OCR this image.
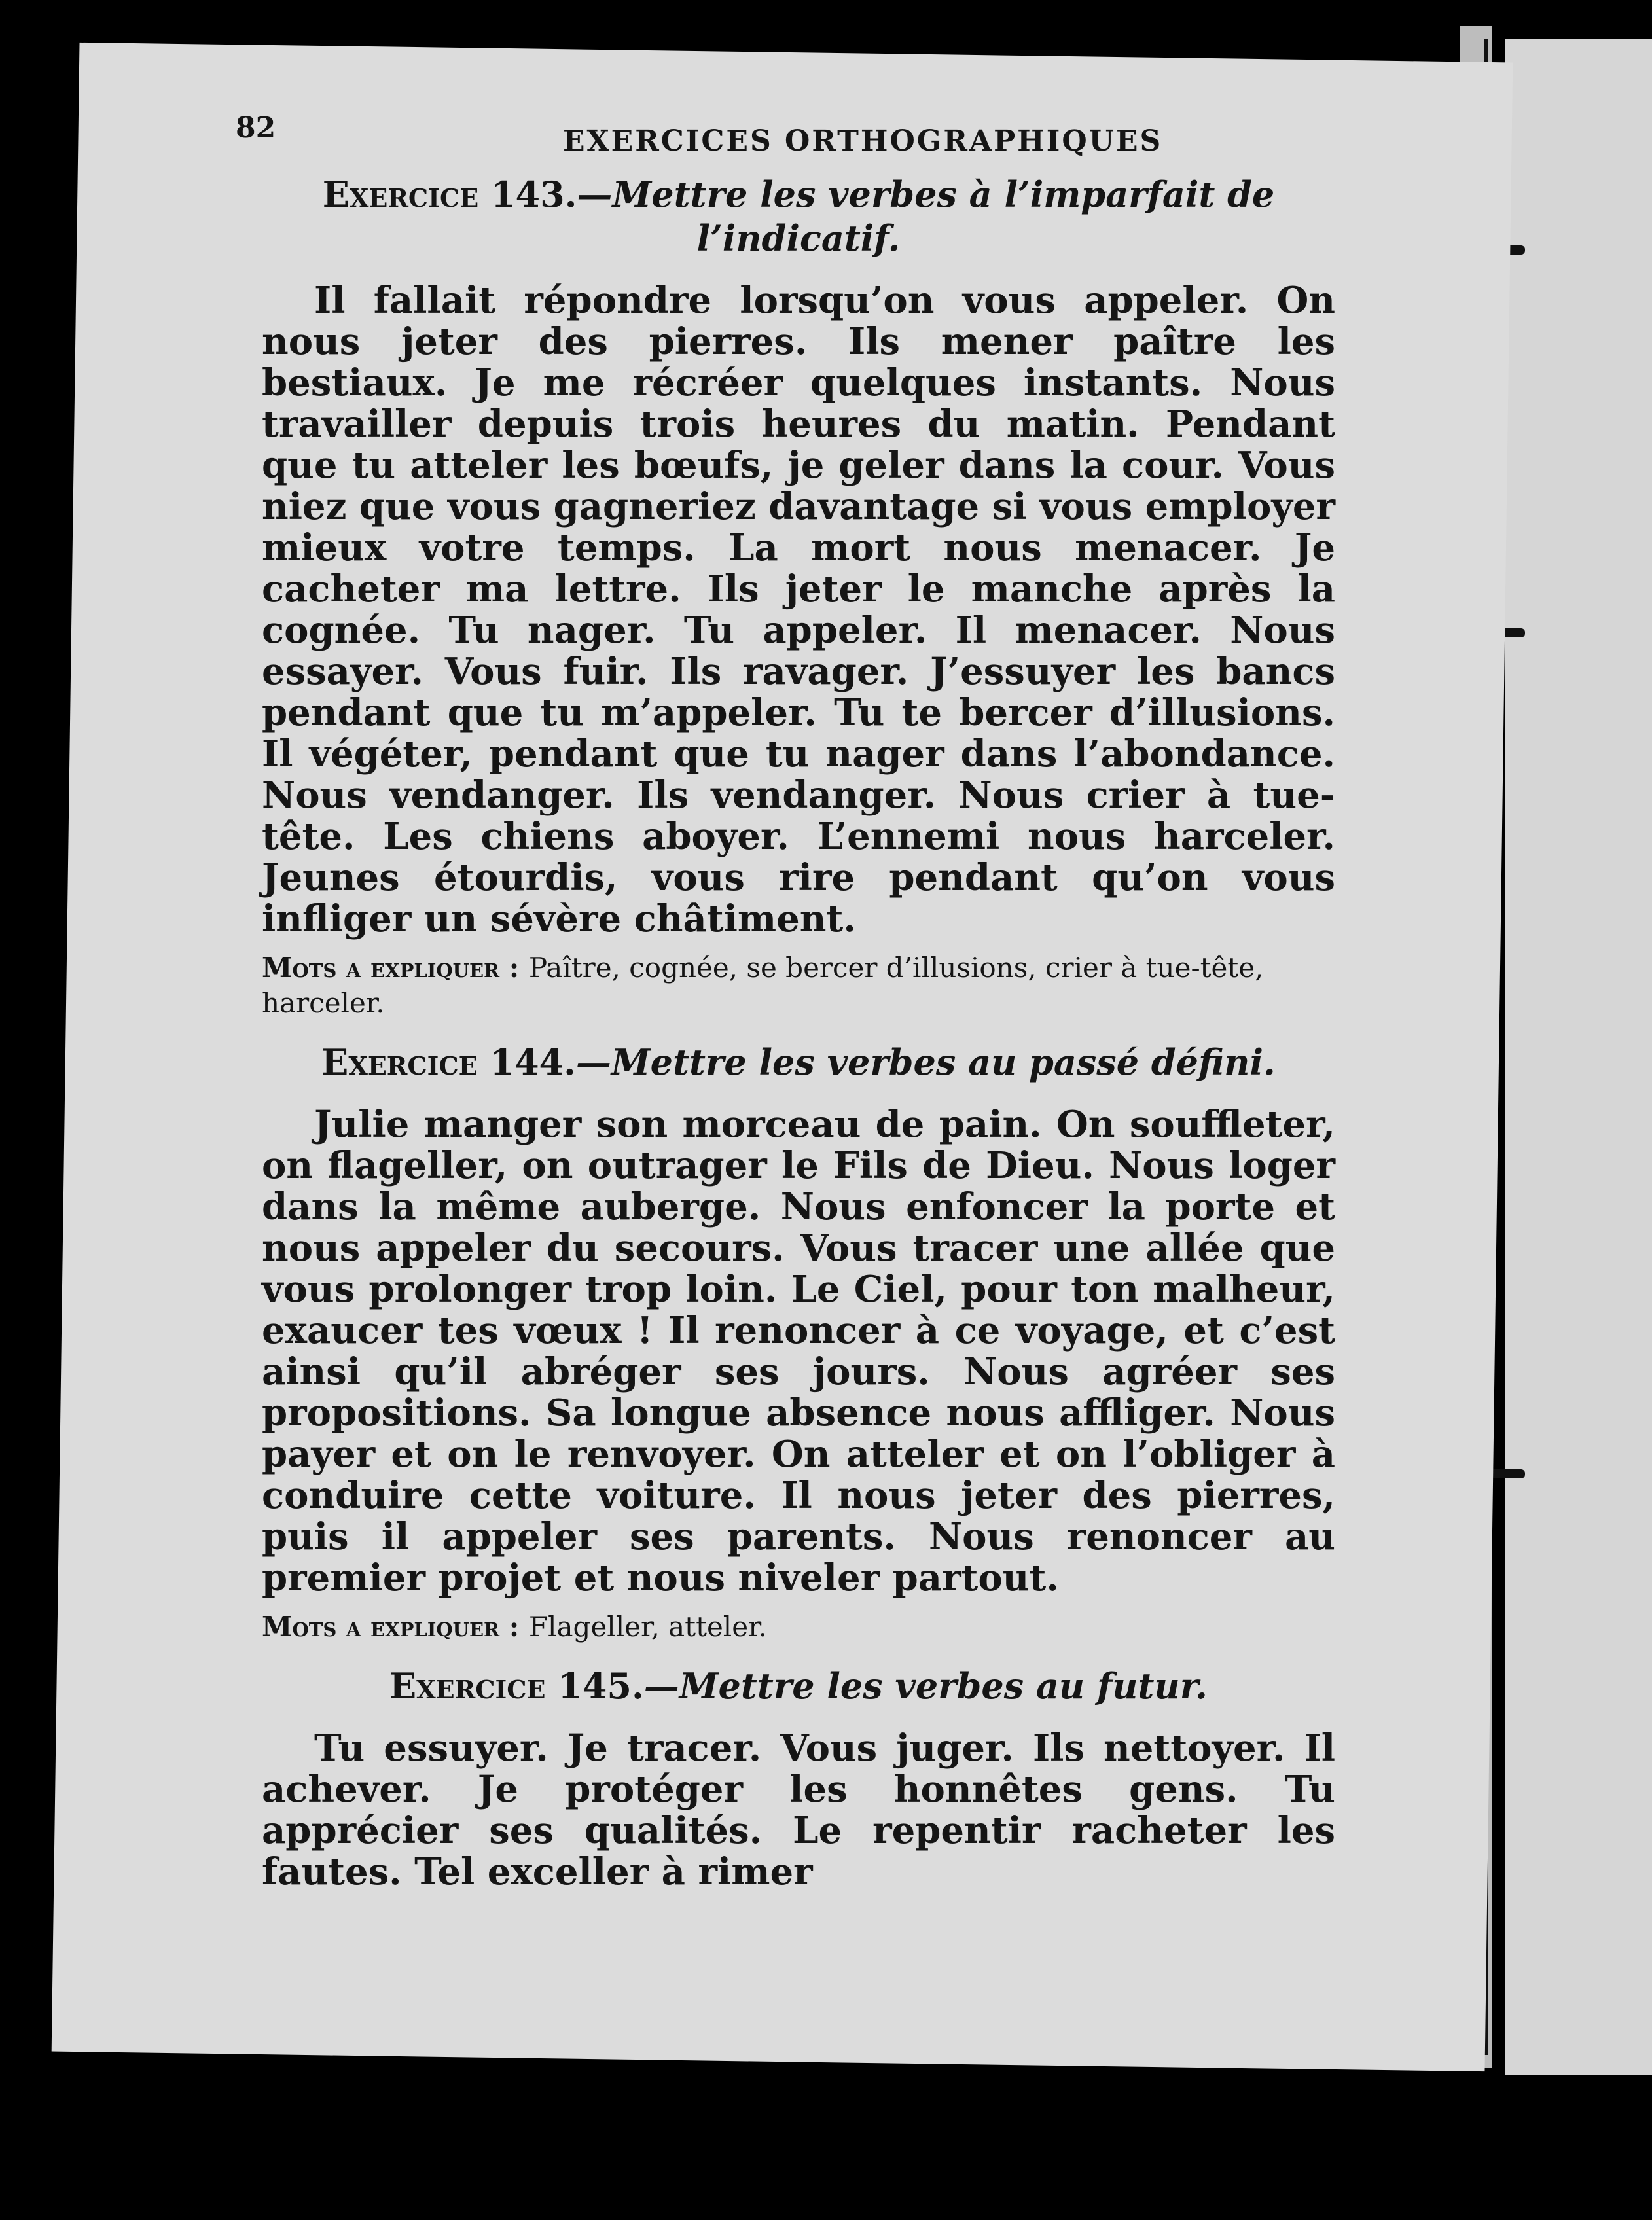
82	EXERCICES ORTHOGRAPHIQUES
Exercice 143.—Mettre les verbes à l’imparfait de l’indicatif.

Il fallait répondre lorsqu’on vous appeler. On nous jeter des pierres. Ils mener paître les bestiaux. Je me récréer quelques instants. Nous travailler depuis trois heures du matin. Pendant que tu atteler les bœufs, je geler dans la cour. Vous niez que vous gagneriez davantage si vous employer mieux votre temps. La mort nous menacer. Je cacheter ma lettre. Ils jeter le manche après la cognée. Tu nager. Tu appeler. Il menacer. Nous essayer. Vous fuir. Ils ravager. J’essuyer les bancs pendant que tu m’appeler. Tu te bercer d’illusions. Il végéter, pendant que tu nager dans l’abondance. Nous vendanger. Ils vendanger. Nous crier à tue-tête. Les chiens aboyer. L’ennemi nous harceler. Jeunes étourdis, vous rire pendant qu’on vous infliger un sévère châtiment.

Mots a expliquer : Paître, cognée, se bercer d’illusions, crier à tue-tête, harceler.
Exercice 144.—Mettre les verbes au passé défini.

Julie manger son morceau de pain. On souffleter, on flageller, on outrager le Fils de Dieu. Nous loger dans la même auberge. Nous enfoncer la porte et nous appeler du secours. Vous tracer une allée que vous prolonger trop loin. Le Ciel, pour ton malheur, exaucer tes vœux ! Il renoncer à ce voyage, et c’est ainsi qu’il abréger ses jours. Nous agréer ses propositions. Sa longue absence nous affliger. Nous payer et on le renvoyer. On atteler et on l’obliger à conduire cette voiture. Il nous jeter des pierres, puis il appeler ses parents. Nous renoncer au premier projet et nous niveler partout.

Mots a expliquer : Flageller, atteler.
Exercice 145.—Mettre les verbes au futur.

Tu essuyer. Je tracer. Vous juger. Ils nettoyer. Il achever. Je protéger les honnêtes gens. Tu apprécier ses qualités. Le repentir racheter les fautes. Tel exceller à rimer
